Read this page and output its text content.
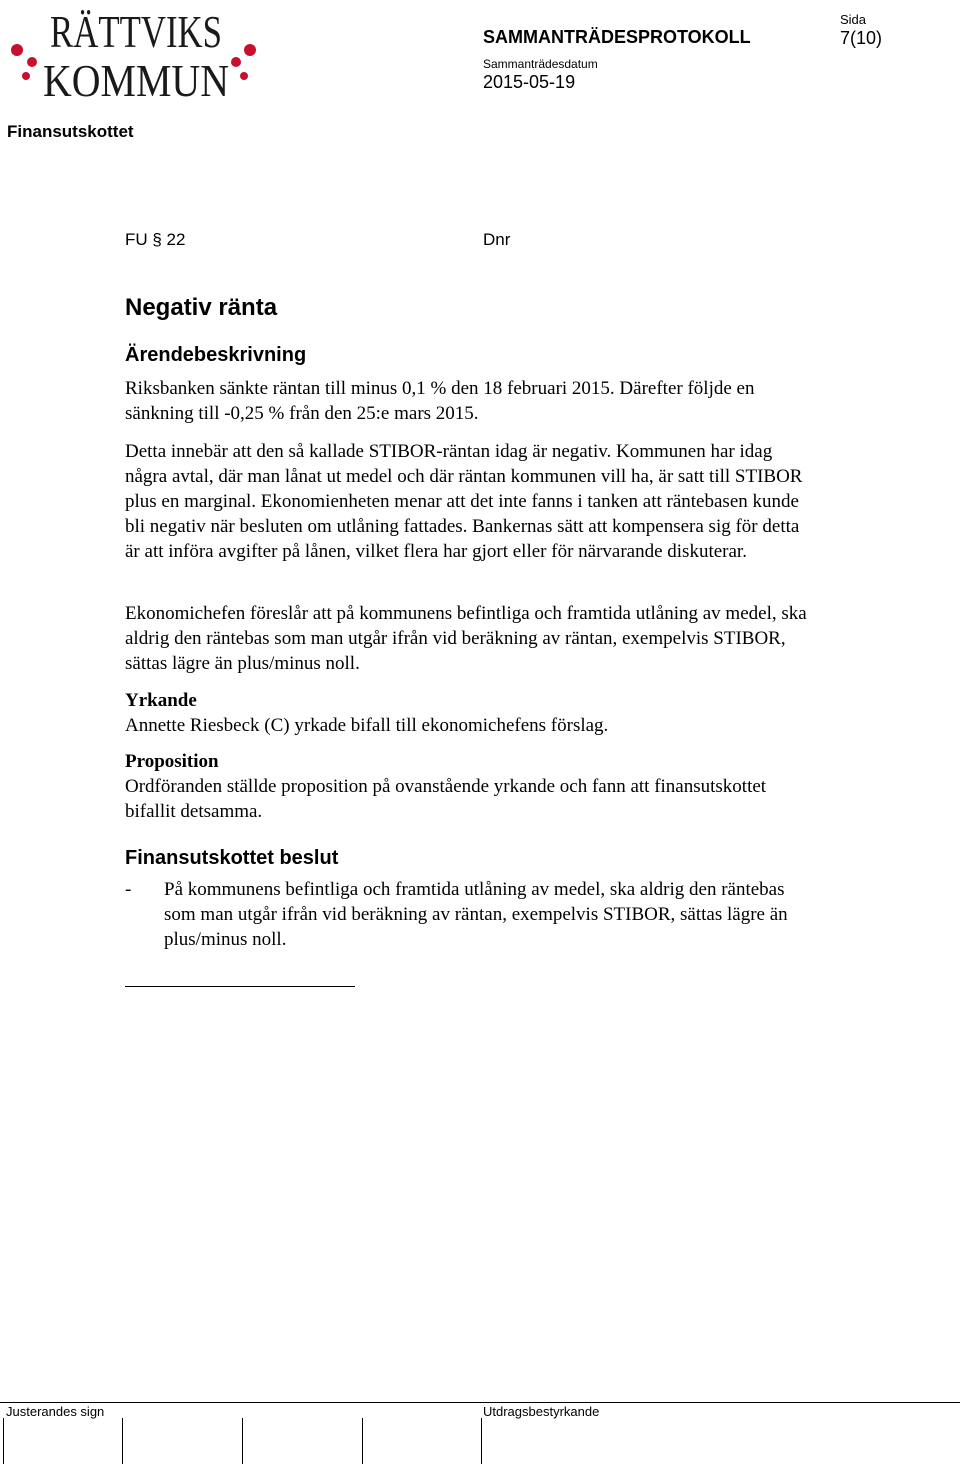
RÄTTVIKS
KOMMUN
Sida
7(10)
SAMMANTRÄDESPROTOKOLL
Sammanträdesdatum
2015-05-19
Finansutskottet
FU § 22	Dnr
Negativ ränta
Ärendebeskrivning
Riksbanken sänkte räntan till minus 0,1 % den 18 februari 2015. Därefter följde en sänkning till -0,25 % från den 25:e mars 2015.
Detta innebär att den så kallade STIBOR-räntan idag är negativ. Kommunen har idag några avtal, där man lånat ut medel och där räntan kommunen vill ha, är satt till STIBOR plus en marginal. Ekonomienheten menar att det inte fanns i tanken att räntebasen kunde bli negativ när besluten om utlåning fattades. Bankernas sätt att kompensera sig för detta är att införa avgifter på lånen, vilket flera har gjort eller för närvarande diskuterar.
Ekonomichefen föreslår att på kommunens befintliga och framtida utlåning av medel, ska aldrig den räntebas som man utgår ifrån vid beräkning av räntan, exempelvis STIBOR, sättas lägre än plus/minus noll.
Yrkande
Annette Riesbeck (C) yrkade bifall till ekonomichefens förslag.
Proposition
Ordföranden ställde proposition på ovanstående yrkande och fann att finansutskottet bifallit detsamma.
Finansutskottet beslut
- På kommunens befintliga och framtida utlåning av medel, ska aldrig den räntebas som man utgår ifrån vid beräkning av räntan, exempelvis STIBOR, sättas lägre än plus/minus noll.
Justerandes sign	Utdragsbestyrkande
